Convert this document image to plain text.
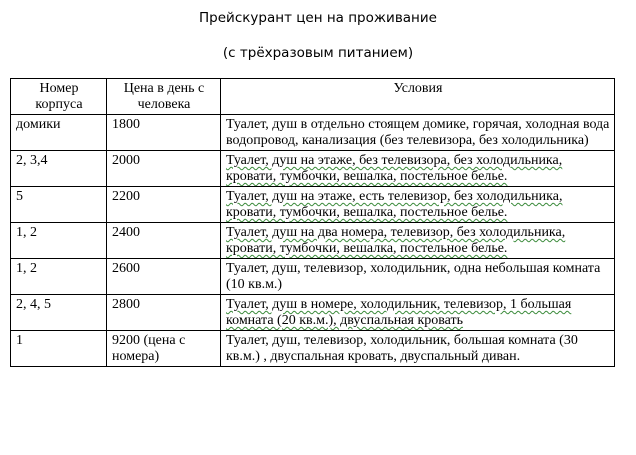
Прейскурант цен на проживание
(с трёхразовым питанием)
Номер корпуса	Цена в день с человека	Условия
домики	1800	Туалет, душ в отдельно стоящем домике, горячая, холодная вода водопровод, канализация (без телевизора, без холодильника)
2, 3,4	2000	Туалет, душ на этаже, без телевизора, без холодильника, кровати, тумбочки, вешалка, постельное белье.
5	2200	Туалет, душ на этаже, есть телевизор, без холодильника, кровати, тумбочки, вешалка, постельное белье.
1, 2	2400	Туалет, душ на два номера, телевизор, без холодильника, кровати, тумбочки, вешалка, постельное белье.
1, 2	2600	Туалет, душ, телевизор, холодильник, одна небольшая комната (10 кв.м.)
2, 4, 5	2800	Туалет, душ в номере, холодильник, телевизор, 1 большая комната (20 кв.м.), двуспальная кровать
1	9200 (цена с номера)	Туалет, душ, телевизор, холодильник, большая комната (30 кв.м.) , двуспальная кровать, двуспальный диван.
